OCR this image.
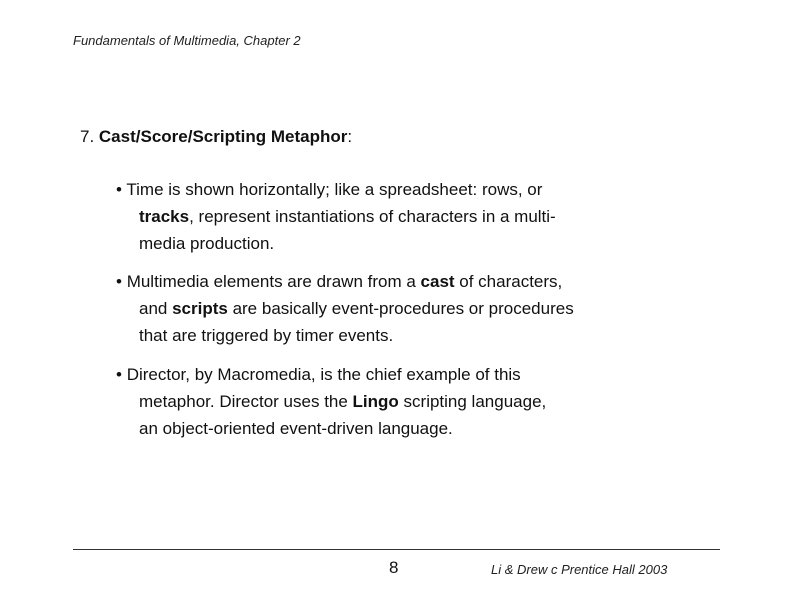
Fundamentals of Multimedia, Chapter 2
7. Cast/Score/Scripting Metaphor:
• Time is shown horizontally; like a spreadsheet: rows, or
tracks, represent instantiations of characters in a multi-
media production.
• Multimedia elements are drawn from a cast of characters,
and scripts are basically event-procedures or procedures
that are triggered by timer events.
• Director, by Macromedia, is the chief example of this
metaphor. Director uses the Lingo scripting language,
an object-oriented event-driven language.
8	Li & Drew c Prentice Hall 2003
